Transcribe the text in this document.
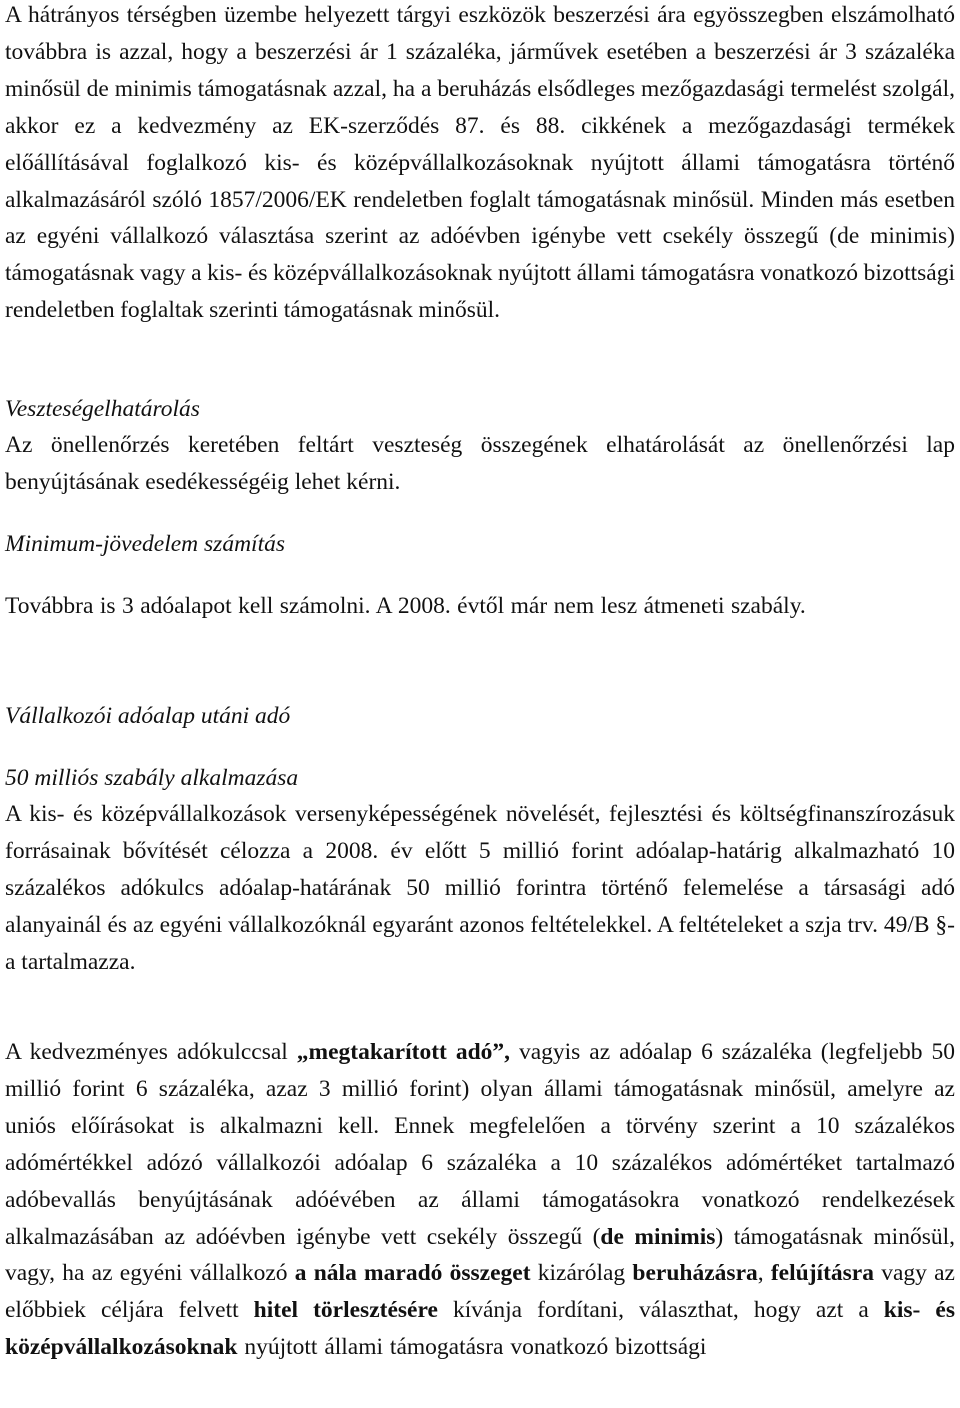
A hátrányos térségben üzembe helyezett tárgyi eszközök beszerzési ára egyösszegben elszámolható továbbra is azzal, hogy a beszerzési ár 1 százaléka, járművek esetében a beszerzési ár 3 százaléka minősül de minimis támogatásnak azzal, ha a beruházás elsődleges mezőgazdasági termelést szolgál, akkor ez a kedvezmény az EK-szerződés 87. és 88. cikkének a mezőgazdasági termékek előállításával foglalkozó kis- és középvállalkozásoknak nyújtott állami támogatásra történő alkalmazásáról szóló 1857/2006/EK rendeletben foglalt támogatásnak minősül. Minden más esetben az egyéni vállalkozó választása szerint az adóévben igénybe vett csekély összegű (de minimis) támogatásnak vagy a kis- és középvállalkozásoknak nyújtott állami támogatásra vonatkozó bizottsági rendeletben foglaltak szerinti támogatásnak minősül.

Veszteségelhatárolás

Az önellenőrzés keretében feltárt veszteség összegének elhatárolását az önellenőrzési lap benyújtásának esedékességéig lehet kérni.

Minimum-jövedelem számítás

Továbbra is 3 adóalapot kell számolni. A 2008. évtől már nem lesz átmeneti szabály.

Vállalkozói adóalap utáni adó

50 milliós szabály alkalmazása

A kis- és középvállalkozások versenyképességének növelését, fejlesztési és költségfinanszírozásuk forrásainak bővítését célozza a 2008. év előtt 5 millió forint adóalap-határig alkalmazható 10 százalékos adókulcs adóalap-határának 50 millió forintra történő felemelése a társasági adó alanyainál és az egyéni vállalkozóknál egyaránt azonos feltételekkel. A feltételeket a szja trv. 49/B §- a tartalmazza.

A kedvezményes adókulccsal „megtakarított adó”, vagyis az adóalap 6 százaléka (legfeljebb 50 millió forint 6 százaléka, azaz 3 millió forint) olyan állami támogatásnak minősül, amelyre az uniós előírásokat is alkalmazni kell. Ennek megfelelően a törvény szerint a 10 százalékos adómértékkel adózó vállalkozói adóalap 6 százaléka a 10 százalékos adómértéket tartalmazó adóbevallás benyújtásának adóévében az állami támogatásokra vonatkozó rendelkezések alkalmazásában az adóévben igénybe vett csekély összegű (de minimis) támogatásnak minősül, vagy, ha az egyéni vállalkozó a nála maradó összeget kizárólag beruházásra, felújításra vagy az előbbiek céljára felvett hitel törlesztésére kívánja fordítani, választhat, hogy azt a kis- és középvállalkozásoknak nyújtott állami támogatásra vonatkozó bizottsági
